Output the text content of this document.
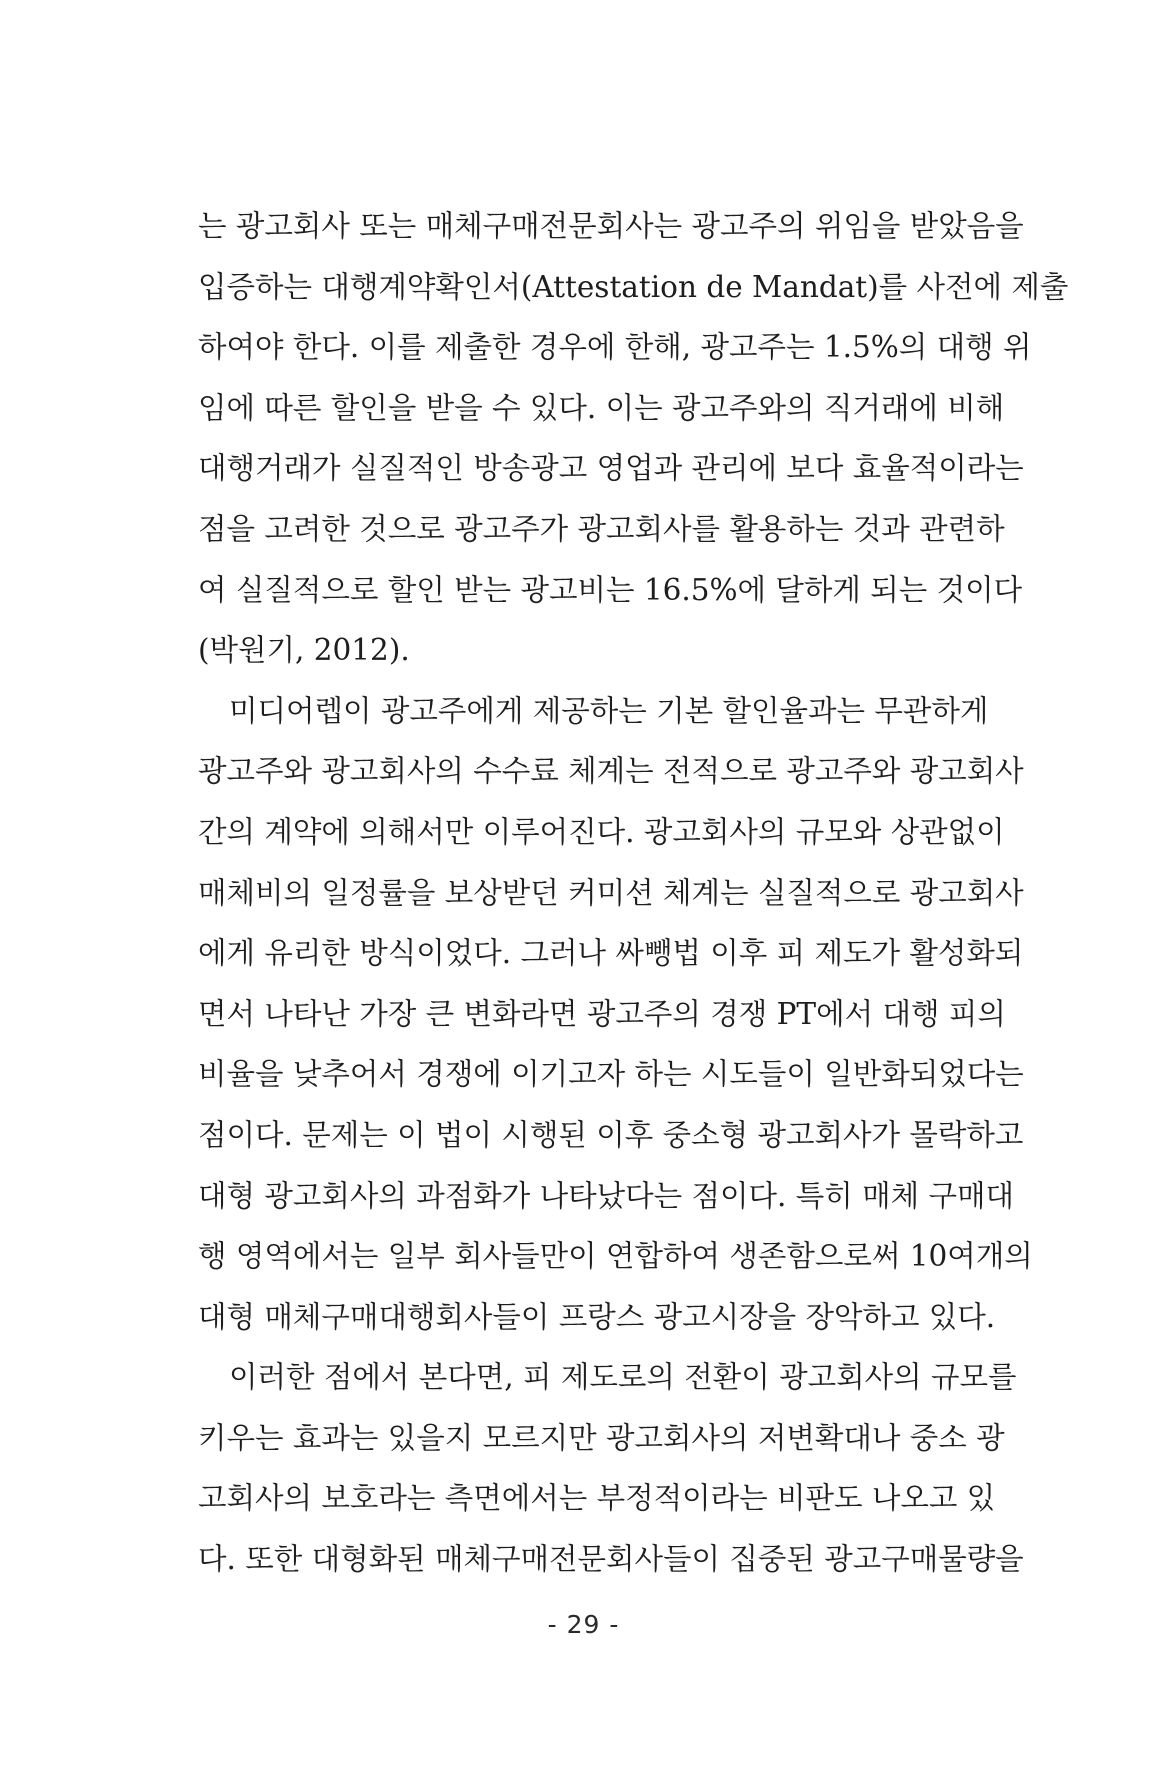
는 광고회사 또는 매체구매전문회사는 광고주의 위임을 받았음을
입증하는 대행계약확인서(Attestation de Mandat)를 사전에 제출
하여야 한다. 이를 제출한 경우에 한해, 광고주는 1.5%의 대행 위
임에 따른 할인을 받을 수 있다. 이는 광고주와의 직거래에 비해
대행거래가 실질적인 방송광고 영업과 관리에 보다 효율적이라는
점을 고려한 것으로 광고주가 광고회사를 활용하는 것과 관련하
여 실질적으로 할인 받는 광고비는 16.5%에 달하게 되는 것이다
(박원기, 2012).
미디어렙이 광고주에게 제공하는 기본 할인율과는 무관하게
광고주와 광고회사의 수수료 체계는 전적으로 광고주와 광고회사
간의 계약에 의해서만 이루어진다. 광고회사의 규모와 상관없이
매체비의 일정률을 보상받던 커미션 체계는 실질적으로 광고회사
에게 유리한 방식이었다. 그러나 싸뺑법 이후 피 제도가 활성화되
면서 나타난 가장 큰 변화라면 광고주의 경쟁 PT에서 대행 피의
비율을 낮추어서 경쟁에 이기고자 하는 시도들이 일반화되었다는
점이다. 문제는 이 법이 시행된 이후 중소형 광고회사가 몰락하고
대형 광고회사의 과점화가 나타났다는 점이다. 특히 매체 구매대
행 영역에서는 일부 회사들만이 연합하여 생존함으로써 10여개의
대형 매체구매대행회사들이 프랑스 광고시장을 장악하고 있다.
이러한 점에서 본다면, 피 제도로의 전환이 광고회사의 규모를
키우는 효과는 있을지 모르지만 광고회사의 저변확대나 중소 광
고회사의 보호라는 측면에서는 부정적이라는 비판도 나오고 있
다. 또한 대형화된 매체구매전문회사들이 집중된 광고구매물량을
- 29 -
